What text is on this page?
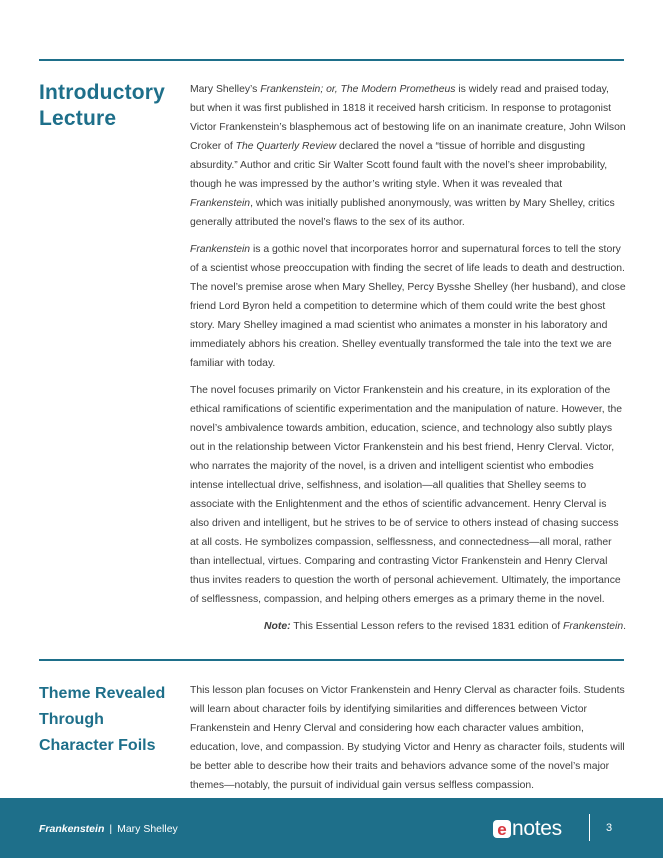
Introductory
Lecture

Mary Shelley’s Frankenstein; or, The Modern Prometheus is widely read and praised today, but when it was first published in 1818 it received harsh criticism. In response to protagonist Victor Frankenstein’s blasphemous act of bestowing life on an inanimate creature, John Wilson Croker of The Quarterly Review declared the novel a “tissue of horrible and disgusting absurdity.” Author and critic Sir Walter Scott found fault with the novel’s sheer improbability, though he was impressed by the author’s writing style. When it was revealed that Frankenstein, which was initially published anonymously, was written by Mary Shelley, critics generally attributed the novel’s flaws to the sex of its author.

Frankenstein is a gothic novel that incorporates horror and supernatural forces to tell the story of a scientist whose preoccupation with finding the secret of life leads to death and destruction. The novel’s premise arose when Mary Shelley, Percy Bysshe Shelley (her husband), and close friend Lord Byron held a competition to determine which of them could write the best ghost story. Mary Shelley imagined a mad scientist who animates a monster in his laboratory and immediately abhors his creation. Shelley eventually transformed the tale into the text we are familiar with today.

The novel focuses primarily on Victor Frankenstein and his creature, in its exploration of the ethical ramifications of scientific experimentation and the manipulation of nature. However, the novel’s ambivalence towards ambition, education, science, and technology also subtly plays out in the relationship between Victor Frankenstein and his best friend, Henry Clerval. Victor, who narrates the majority of the novel, is a driven and intelligent scientist who embodies intense intellectual drive, selfishness, and isolation—all qualities that Shelley seems to associate with the Enlightenment and the ethos of scientific advancement. Henry Clerval is also driven and intelligent, but he strives to be of service to others instead of chasing success at all costs. He symbolizes compassion, selflessness, and connectedness—all moral, rather than intellectual, virtues. Comparing and contrasting Victor Frankenstein and Henry Clerval thus invites readers to question the worth of personal achievement. Ultimately, the importance of selflessness, compassion, and helping others emerges as a primary theme in the novel.

Note: This Essential Lesson refers to the revised 1831 edition of Frankenstein.

Theme Revealed
Through
Character Foils

This lesson plan focuses on Victor Frankenstein and Henry Clerval as character foils. Students will learn about character foils by identifying similarities and differences between Victor Frankenstein and Henry Clerval and considering how each character values ambition, education, love, and compassion. By studying Victor and Henry as character foils, students will be better able to describe how their traits and behaviors advance some of the novel’s major themes—notably, the pursuit of individual gain versus selfless compassion.

Frankenstein | Mary Shelley	e notes	3
